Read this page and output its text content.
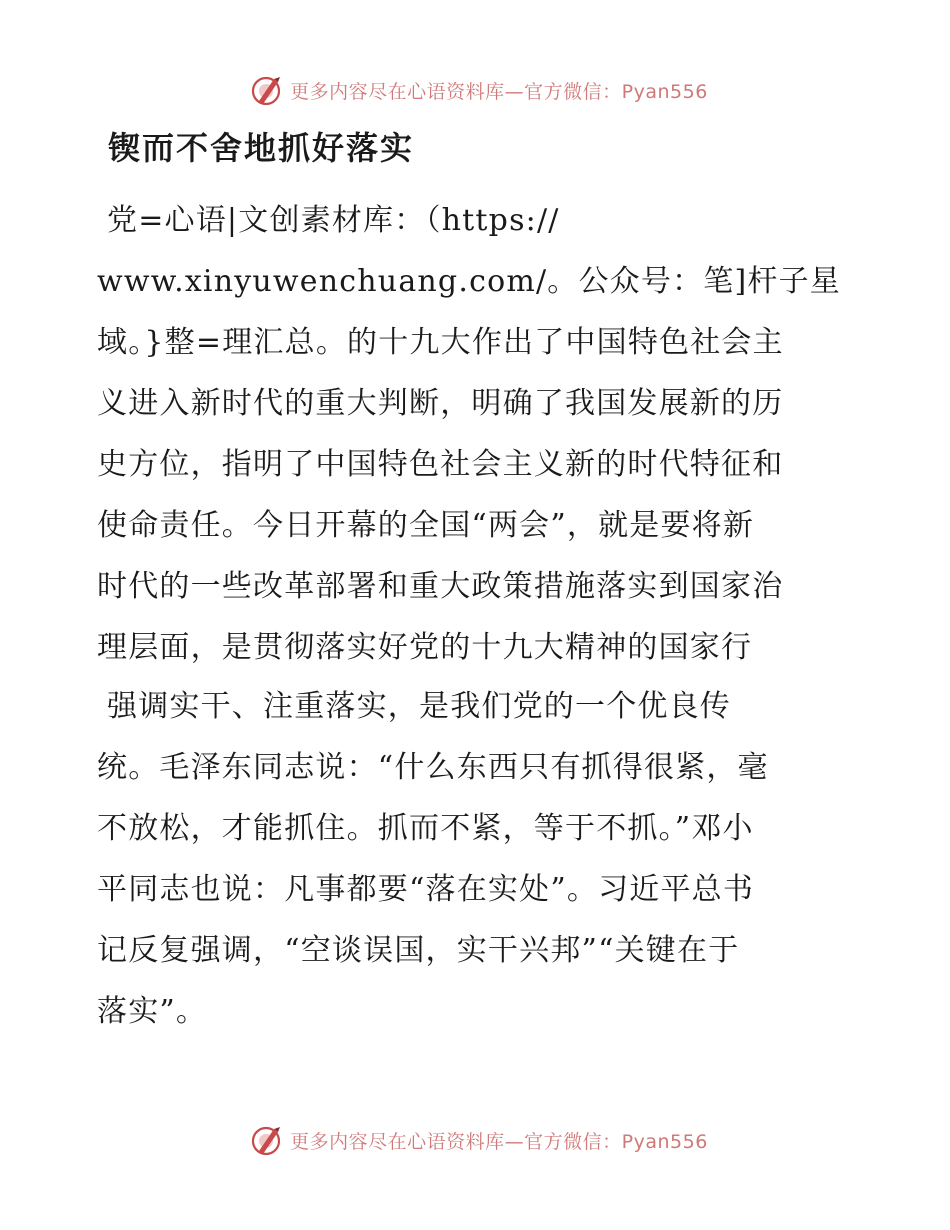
更多内容尽在心语资料库—官方微信：Pyan556
锲而不舍地抓好落实
党=心语|文创素材库：（https://
www.xinyuwenchuang.com/。公众号：笔]杆子星
域。}整=理汇总。的十九大作出了中国特色社会主
义进入新时代的重大判断，明确了我国发展新的历
史方位，指明了中国特色社会主义新的时代特征和
使命责任。今日开幕的全国“两会”，就是要将新
时代的一些改革部署和重大政策措施落实到国家治
理层面，是贯彻落实好党的十九大精神的国家行
强调实干、注重落实，是我们党的一个优良传
统。毛泽东同志说：“什么东西只有抓得很紧，毫
不放松，才能抓住。抓而不紧，等于不抓。”邓小
平同志也说：凡事都要“落在实处”。习近平总书
记反复强调，“空谈误国，实干兴邦”“关键在于
落实”。
更多内容尽在心语资料库—官方微信：Pyan556
